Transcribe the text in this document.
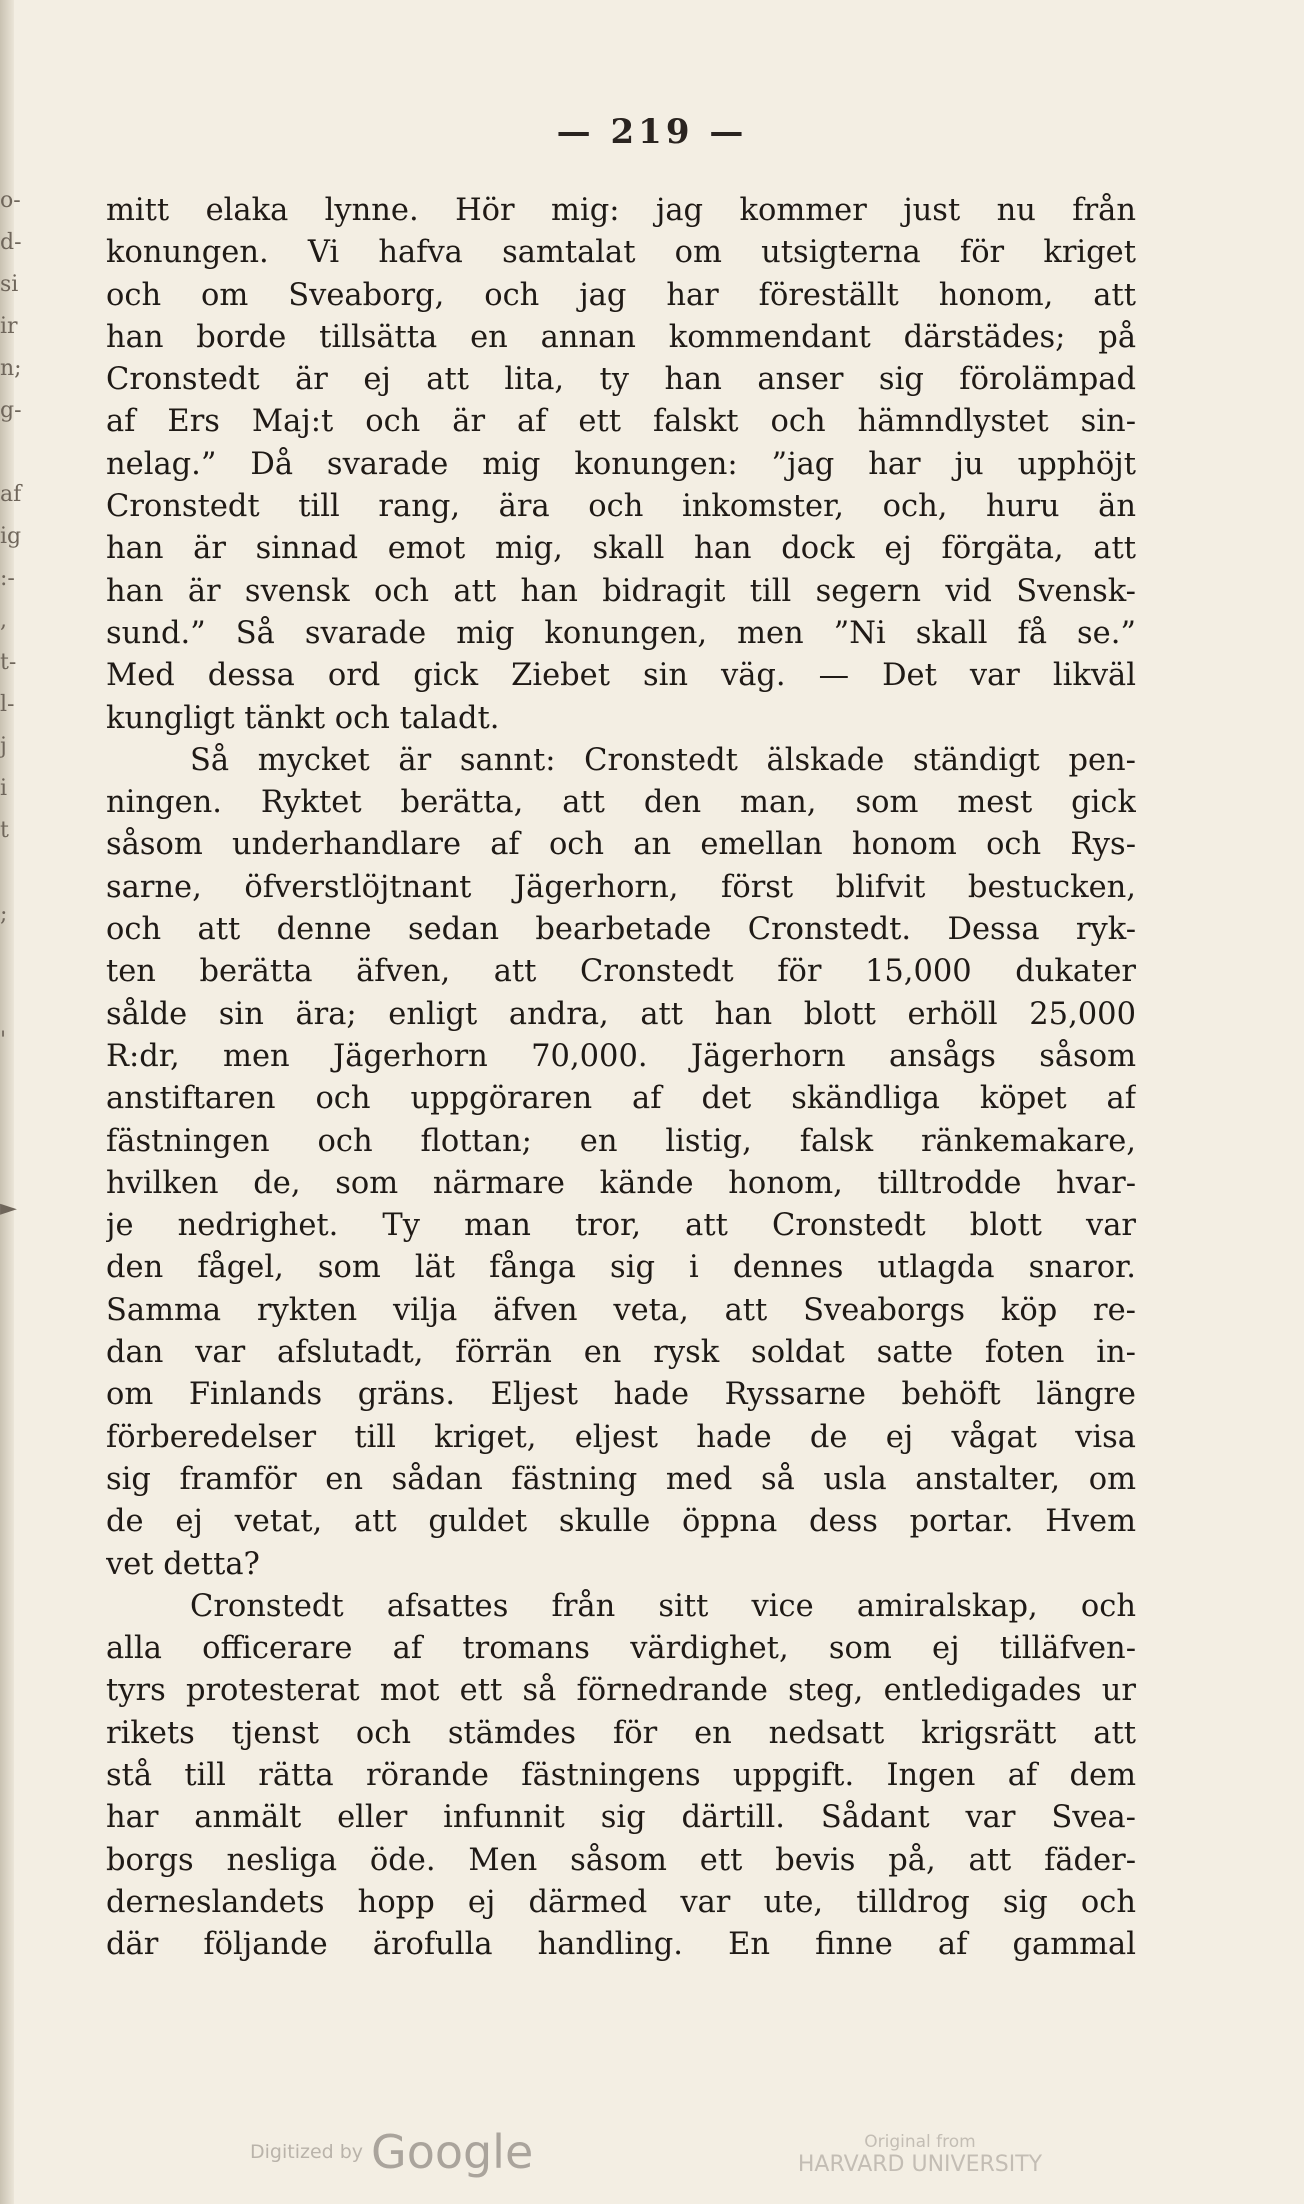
o-
d-
si
ir
n;
g-

af
ig
:-
,
t-
l-
j
i
t

;

'

►
— 219 —
mitt elaka lynne. Hör mig: jag kommer just nu från
konungen. Vi hafva samtalat om utsigterna för kriget
och om Sveaborg, och jag har föreställt honom, att
han borde tillsätta en annan kommendant därstädes; på
Cronstedt är ej att lita, ty han anser sig förolämpad
af Ers Maj:t och är af ett falskt och hämndlystet sin-
nelag.” Då svarade mig konungen: ”jag har ju upphöjt
Cronstedt till rang, ära och inkomster, och, huru än
han är sinnad emot mig, skall han dock ej förgäta, att
han är svensk och att han bidragit till segern vid Svensk-
sund.” Så svarade mig konungen, men ”Ni skall få se.”
Med dessa ord gick Ziebet sin väg. — Det var likväl
kungligt tänkt och taladt.
Så mycket är sannt: Cronstedt älskade ständigt pen-
ningen. Ryktet berätta, att den man, som mest gick
såsom underhandlare af och an emellan honom och Rys-
sarne, öfverstlöjtnant Jägerhorn, först blifvit bestucken,
och att denne sedan bearbetade Cronstedt. Dessa ryk-
ten berätta äfven, att Cronstedt för 15,000 dukater
sålde sin ära; enligt andra, att han blott erhöll 25,000
R:dr, men Jägerhorn 70,000. Jägerhorn ansågs såsom
anstiftaren och uppgöraren af det skändliga köpet af
fästningen och flottan; en listig, falsk ränkemakare,
hvilken de, som närmare kände honom, tilltrodde hvar-
je nedrighet. Ty man tror, att Cronstedt blott var
den fågel, som lät fånga sig i dennes utlagda snaror.
Samma rykten vilja äfven veta, att Sveaborgs köp re-
dan var afslutadt, förrän en rysk soldat satte foten in-
om Finlands gräns. Eljest hade Ryssarne behöft längre
förberedelser till kriget, eljest hade de ej vågat visa
sig framför en sådan fästning med så usla anstalter, om
de ej vetat, att guldet skulle öppna dess portar. Hvem
vet detta?
Cronstedt afsattes från sitt vice amiralskap, och
alla officerare af tromans värdighet, som ej tilläfven-
tyrs protesterat mot ett så förnedrande steg, entledigades ur
rikets tjenst och stämdes för en nedsatt krigsrätt att
stå till rätta rörande fästningens uppgift. Ingen af dem
har anmält eller infunnit sig därtill. Sådant var Svea-
borgs nesliga öde. Men såsom ett bevis på, att fäder-
derneslandets hopp ej därmed var ute, tilldrog sig och
där följande ärofulla handling. En finne af gammal
Digitized by Google	Original from
HARVARD UNIVERSITY
